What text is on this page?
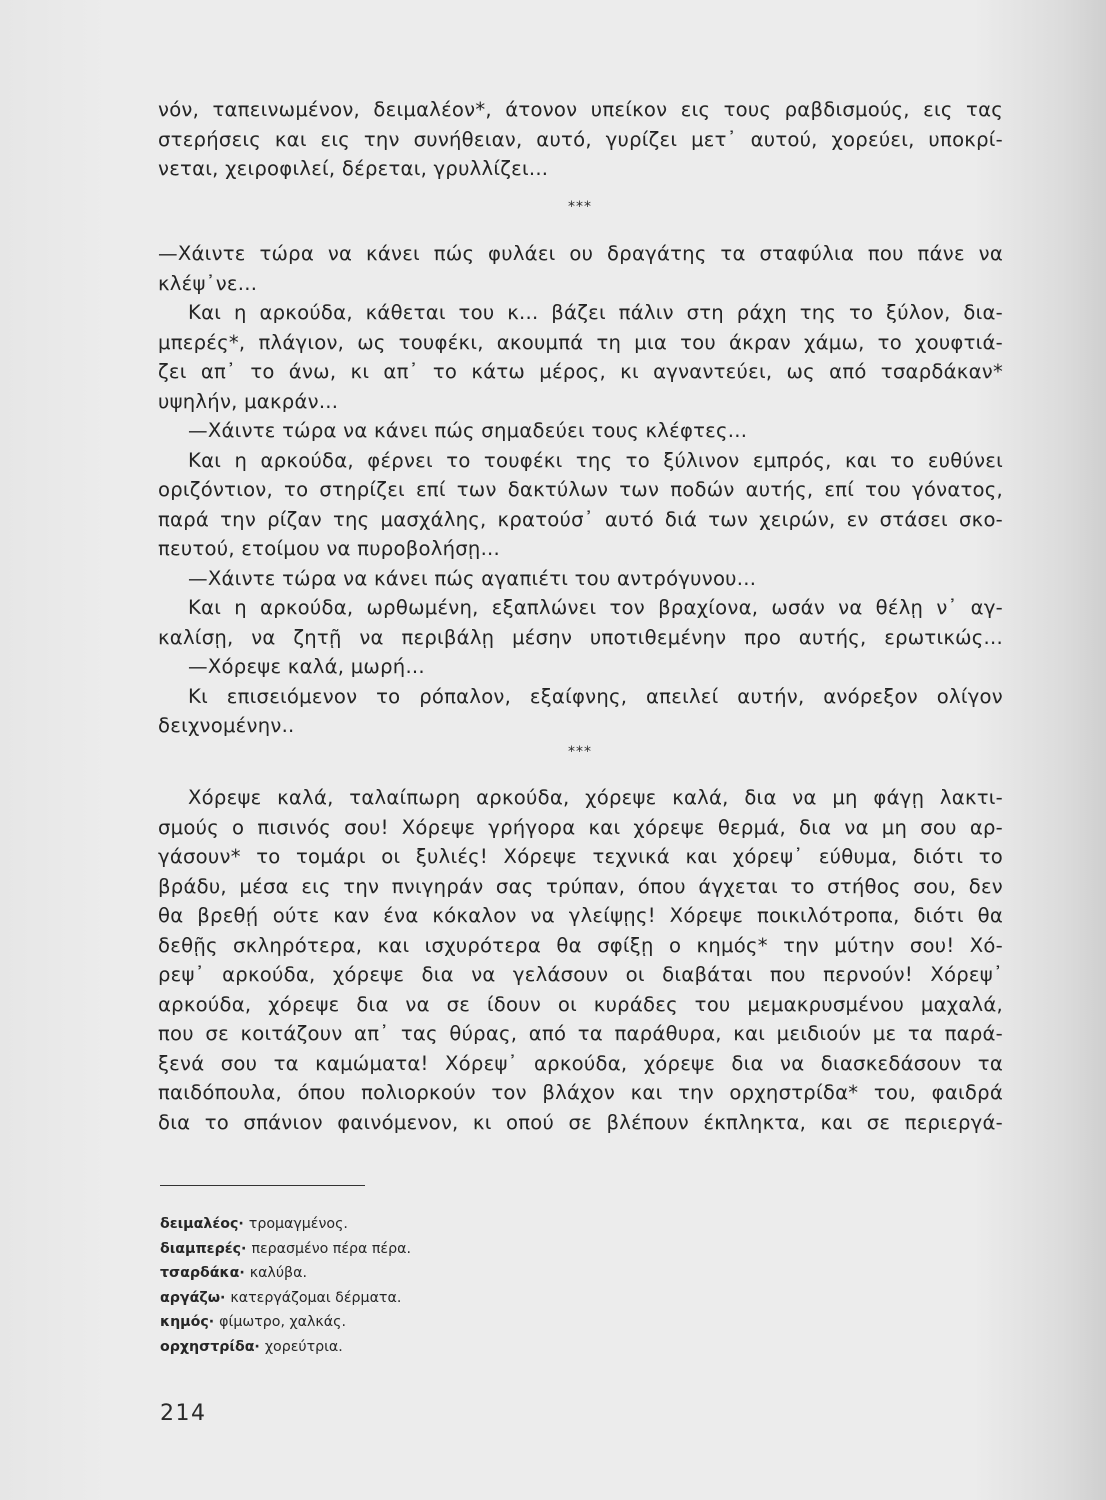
νόν, ταπεινωμένον, δειμαλέον*, άτονον υπείκον εις τους ραβδισμούς, εις τας
στερήσεις και εις την συνήθειαν, αυτό, γυρίζει μετ᾿ αυτού, χορεύει, υποκρί-
νεται, χειροφιλεί, δέρεται, γρυλλίζει...
***
—Χάιντε τώρα να κάνει πώς φυλάει ου δραγάτης τα σταφύλια που πάνε να
κλέψ᾿νε...
Και η αρκούδα, κάθεται του κ... βάζει πάλιν στη ράχη της το ξύλον, δια-
μπερές*, πλάγιον, ως τουφέκι, ακουμπά τη μια του άκραν χάμω, το χουφτιά-
ζει απ᾿ το άνω, κι απ᾿ το κάτω μέρος, κι αγναντεύει, ως από τσαρδάκαν*
υψηλήν, μακράν...
—Χάιντε τώρα να κάνει πώς σημαδεύει τους κλέφτες...
Και η αρκούδα, φέρνει το τουφέκι της το ξύλινον εμπρός, και το ευθύνει
οριζόντιον, το στηρίζει επί των δακτύλων των ποδών αυτής, επί του γόνατος,
παρά την ρίζαν της μασχάλης, κρατούσ᾿ αυτό διά των χειρών, εν στάσει σκο-
πευτού, ετοίμου να πυροβολήσῃ...
—Χάιντε τώρα να κάνει πώς αγαπιέτι του αντρόγυνου...
Και η αρκούδα, ωρθωμένη, εξαπλώνει τον βραχίονα, ωσάν να θέλῃ ν᾿ αγ-
καλίσῃ, να ζητῇ να περιβάλῃ μέσην υποτιθεμένην προ αυτής, ερωτικώς...
—Χόρεψε καλά, μωρή...
Κι επισειόμενον το ρόπαλον, εξαίφνης, απειλεί αυτήν, ανόρεξον ολίγον
δειχνομένην..
***
Χόρεψε καλά, ταλαίπωρη αρκούδα, χόρεψε καλά, δια να μη φάγῃ λακτι-
σμούς ο πισινός σου! Χόρεψε γρήγορα και χόρεψε θερμά, δια να μη σου αρ-
γάσουν* το τομάρι οι ξυλιές! Χόρεψε τεχνικά και χόρεψ᾿ εύθυμα, διότι το
βράδυ, μέσα εις την πνιγηράν σας τρύπαν, όπου άγχεται το στήθος σου, δεν
θα βρεθῄ ούτε καν ένα κόκαλον να γλείψῃς! Χόρεψε ποικιλότροπα, διότι θα
δεθῇς σκληρότερα, και ισχυρότερα θα σφίξῃ ο κημός* την μύτην σου! Χό-
ρεψ᾿ αρκούδα, χόρεψε δια να γελάσουν οι διαβάται που περνούν! Χόρεψ᾿
αρκούδα, χόρεψε δια να σε ίδουν οι κυράδες του μεμακρυσμένου μαχαλά,
που σε κοιτάζουν απ᾿ τας θύρας, από τα παράθυρα, και μειδιούν με τα παρά-
ξενά σου τα καμώματα! Χόρεψ᾿ αρκούδα, χόρεψε δια να διασκεδάσουν τα
παιδόπουλα, όπου πολιορκούν τον βλάχον και την ορχηστρίδα* του, φαιδρά
δια το σπάνιον φαινόμενον, κι οπού σε βλέπουν έκπληκτα, και σε περιεργά-
δειμαλέος· τρομαγμένος.
διαμπερές· περασμένο πέρα πέρα.
τσαρδάκα· καλύβα.
αργάζω· κατεργάζομαι δέρματα.
κημός· φίμωτρο, χαλκάς.
ορχηστρίδα· χορεύτρια.
214
